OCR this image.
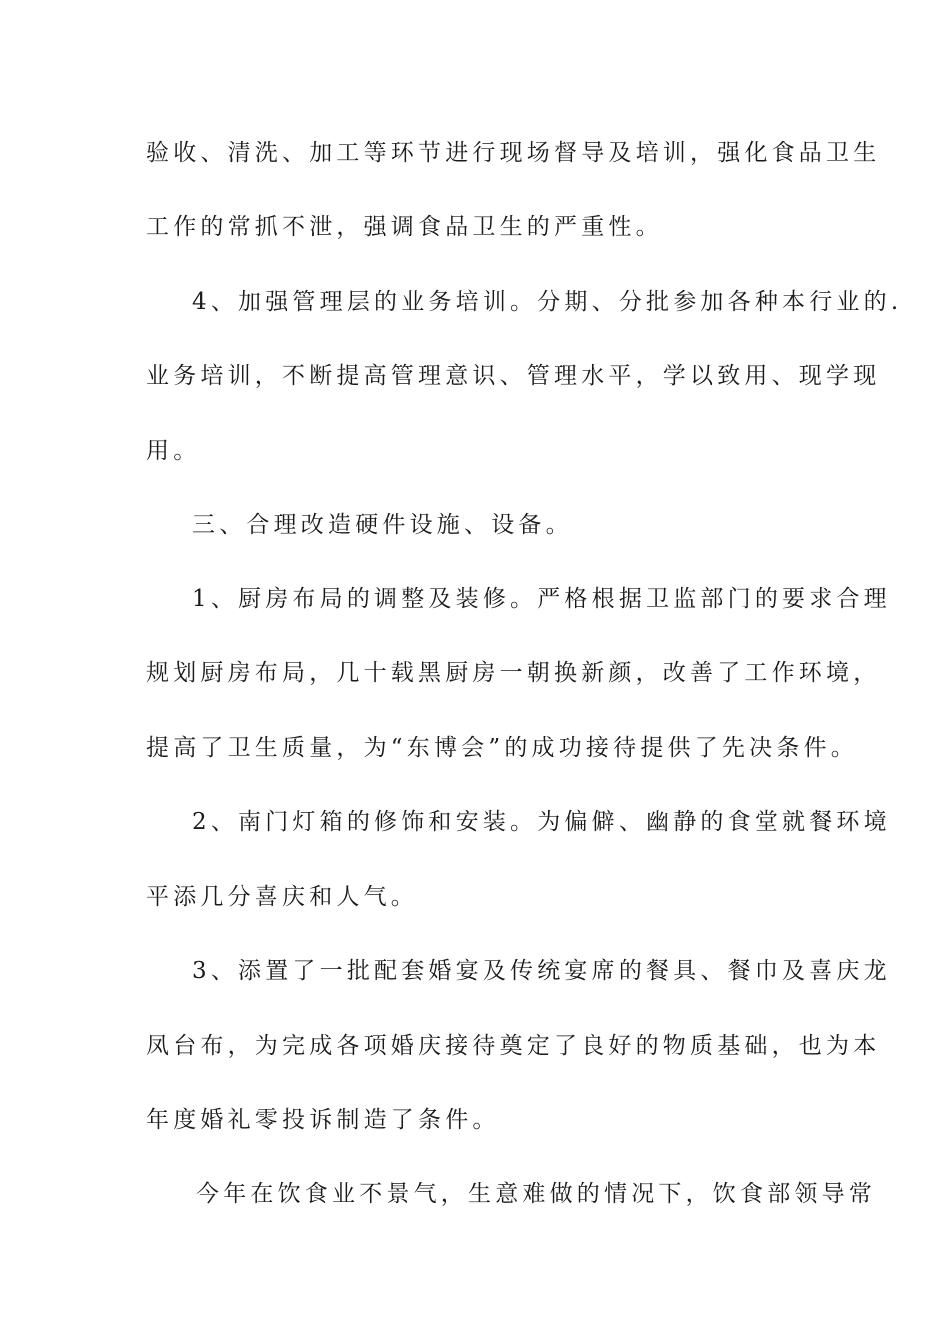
验收、清洗、加工等环节进行现场督导及培训，强化食品卫生
工作的常抓不泄，强调食品卫生的严重性。
4、加强管理层的业务培训。分期、分批参加各种本行业的.
业务培训，不断提高管理意识、管理水平，学以致用、现学现
用。
三、合理改造硬件设施、设备。
1、厨房布局的调整及装修。严格根据卫监部门的要求合理
规划厨房布局，几十载黑厨房一朝换新颜，改善了工作环境，
提高了卫生质量，为“东博会”的成功接待提供了先决条件。
2、南门灯箱的修饰和安装。为偏僻、幽静的食堂就餐环境
平添几分喜庆和人气。
3、添置了一批配套婚宴及传统宴席的餐具、餐巾及喜庆龙
凤台布，为完成各项婚庆接待奠定了良好的物质基础，也为本
年度婚礼零投诉制造了条件。
今年在饮食业不景气，生意难做的情况下，饮食部领导常
